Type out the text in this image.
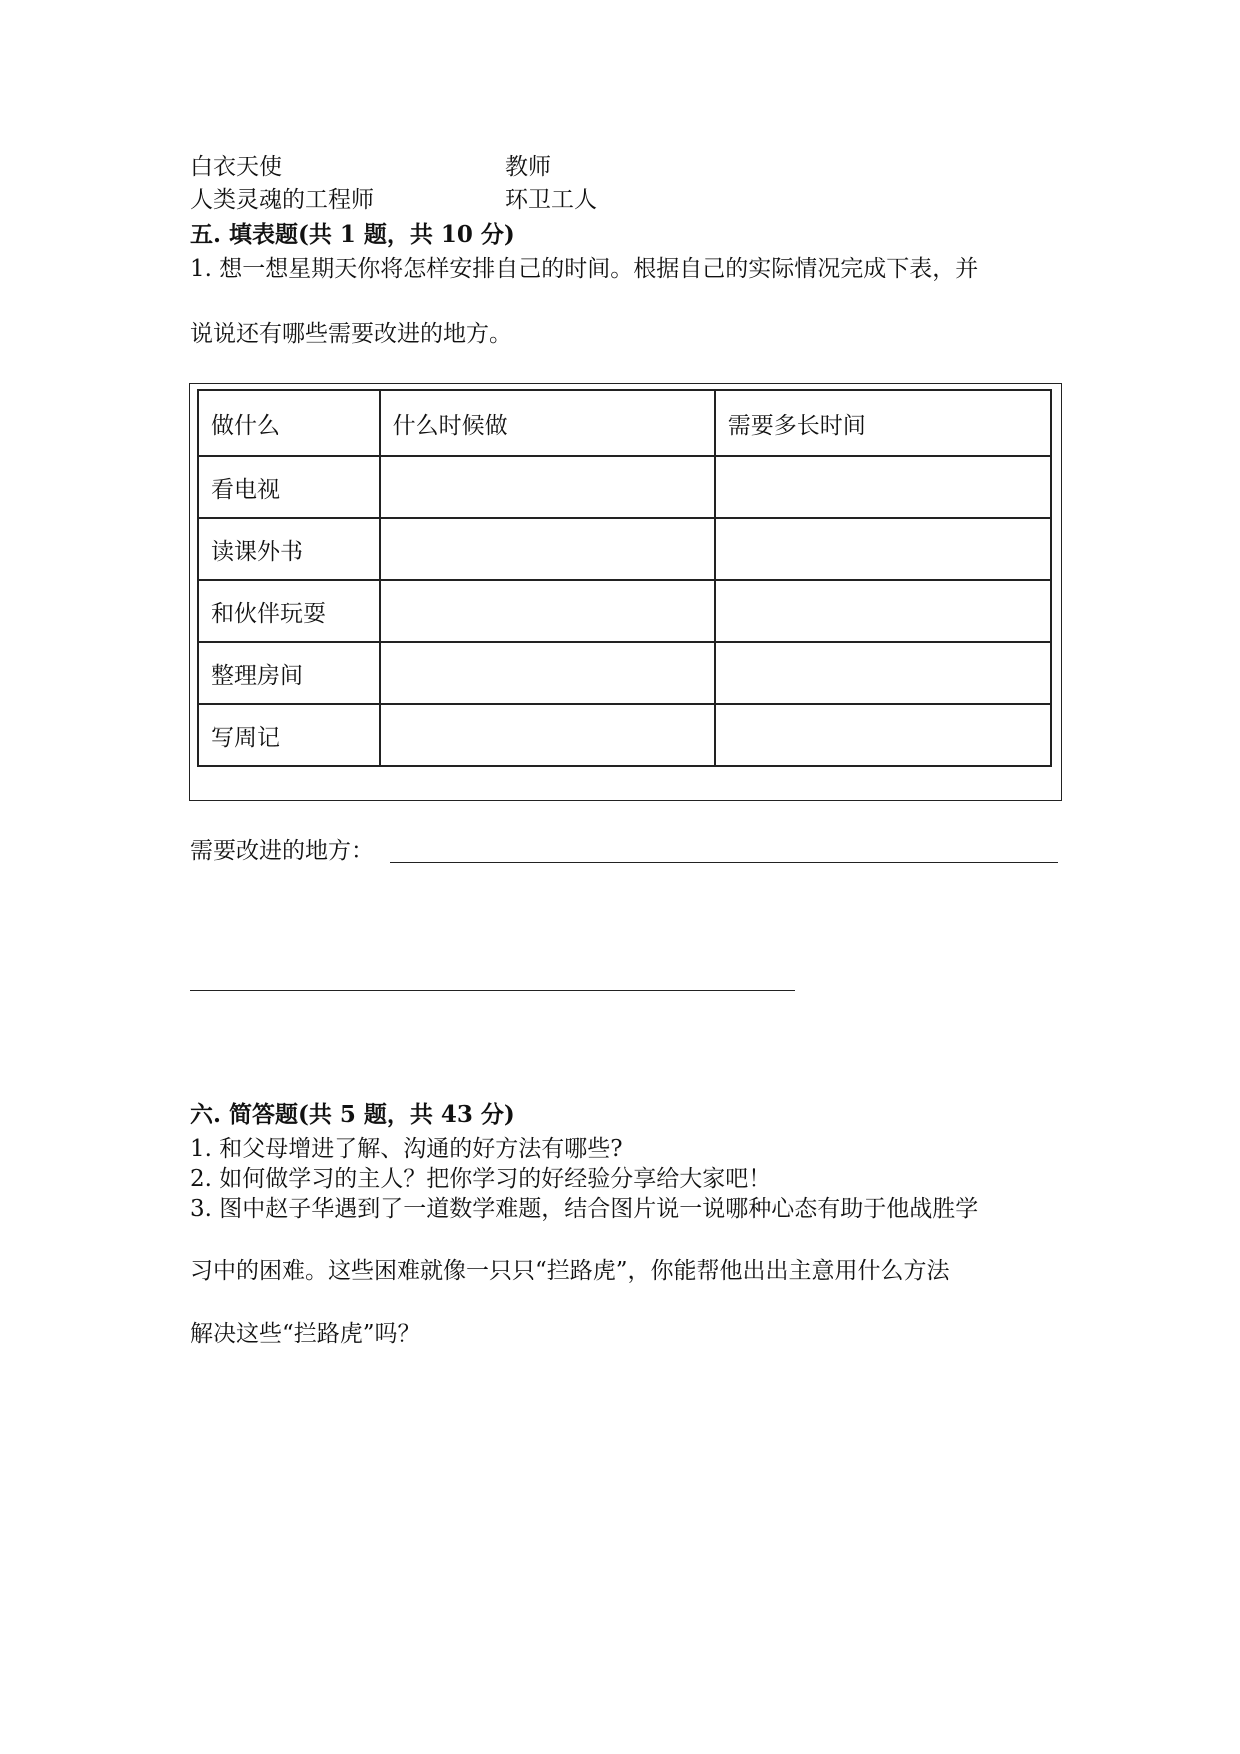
白衣天使	教师
人类灵魂的工程师	环卫工人
五. 填表题(共 1 题，共 10 分)
1. 想一想星期天你将怎样安排自己的时间。根据自己的实际情况完成下表，并
说说还有哪些需要改进的地方。
做什么	什么时候做	需要多长时间
看电视		
读课外书		
和伙伴玩耍		
整理房间		
写周记		
需要改进的地方：
六. 简答题(共 5 题，共 43 分)
1. 和父母增进了解、沟通的好方法有哪些?
2. 如何做学习的主人？把你学习的好经验分享给大家吧！
3. 图中赵子华遇到了一道数学难题，结合图片说一说哪种心态有助于他战胜学
习中的困难。这些困难就像一只只“拦路虎”，你能帮他出出主意用什么方法
解决这些“拦路虎”吗？
